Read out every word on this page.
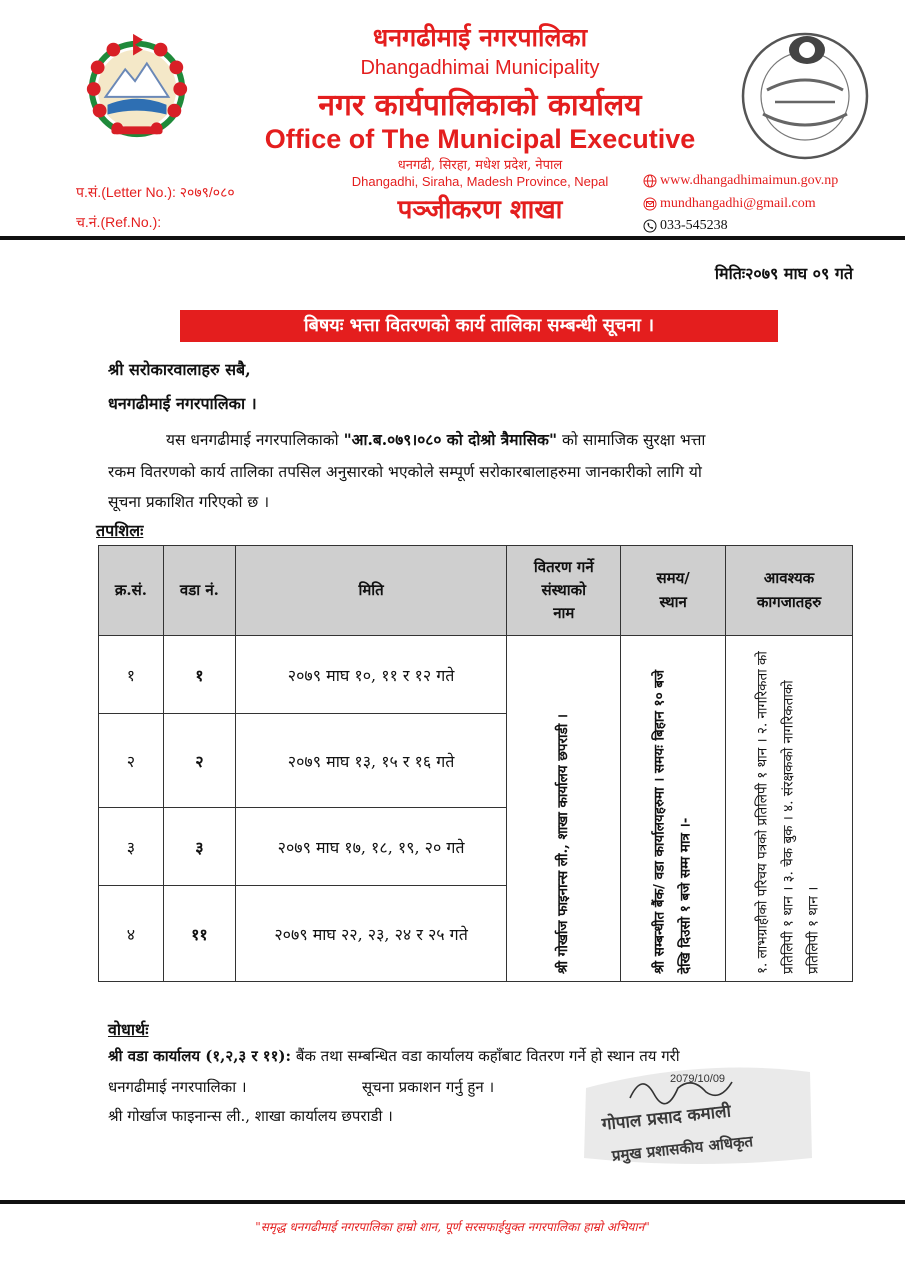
धनगढीमाई नगरपालिका
Dhangadhimai Municipality
नगर कार्यपालिकाको कार्यालय
Office of The Municipal Executive
धनगढी, सिरहा, मधेश प्रदेश, नेपाल
Dhangadhi, Siraha, Madesh Province, Nepal
पञ्जीकरण शाखा
प.सं.(Letter No.): २०७९/०८०
च.नं.(Ref.No.):
www.dhangadhimaimun.gov.np
mundhangadhi@gmail.com
033-545238
मितिः२०७९ माघ ०९ गते
बिषयः भत्ता वितरणको कार्य तालिका सम्बन्धी सूचना ।
श्री सरोकारवालाहरु सबै,
धनगढीमाई नगरपालिका ।
यस धनगढीमाई नगरपालिकाको "आ.ब.०७९।०८० को दोश्रो त्रैमासिक" को सामाजिक सुरक्षा भत्ता
रकम वितरणको कार्य तालिका तपसिल अनुसारको भएकोले सम्पूर्ण सरोकारबालाहरुमा जानकारीको लागि यो
सूचना प्रकाशित गरिएको छ ।
तपशिलः
क्र.सं.	वडा नं.	मिति	वितरण गर्ने
संस्थाको
नाम	समय/
स्थान	आवश्यक
कागजातहरु
१	१	२०७९ माघ १०, ११ र १२ गते	श्री गोर्खाज फाइनान्स ली., शाखा कार्यालय छपराडी ।	श्री सम्बन्धीत बैंक/ वडा कार्यालयहरुमा । समयः बिहान १० बजे देखि दिउसो १ बजे सम्म मात्र ।-	१. लाभग्राहीको परिचय पत्रको प्रतिलिपी १ थान । २. नागरिकता को प्रतिलिपी १ थान । ३. चेक बुक । ४. संरक्षकको नागरिकताको प्रतिलिपी १ थान ।

२	२	२०७९ माघ १३, १५ र १६ गते			
३	३	२०७९ माघ १७, १८, १९, २० गते			
४	११	२०७९ माघ २२, २३, २४ र २५ गते			
वोधार्थः
श्री वडा कार्यालय (१,२,३ र ११): बैंक तथा सम्बन्धित वडा कार्यालय कहाँबाट वितरण गर्ने हो स्थान तय गरी
धनगढीमाई नगरपालिका ।	सूचना प्रकाशन गर्नु हुन ।
श्री गोर्खाज फाइनान्स ली., शाखा कार्यालय छपराडी ।
2079/10/09
गोपाल प्रसाद कमाली
प्रमुख प्रशासकीय अधिकृत
"समृद्ध धनगढीमाई नगरपालिका हाम्रो शान, पूर्ण सरसफाईयुक्त नगरपालिका हाम्रो अभियान"
